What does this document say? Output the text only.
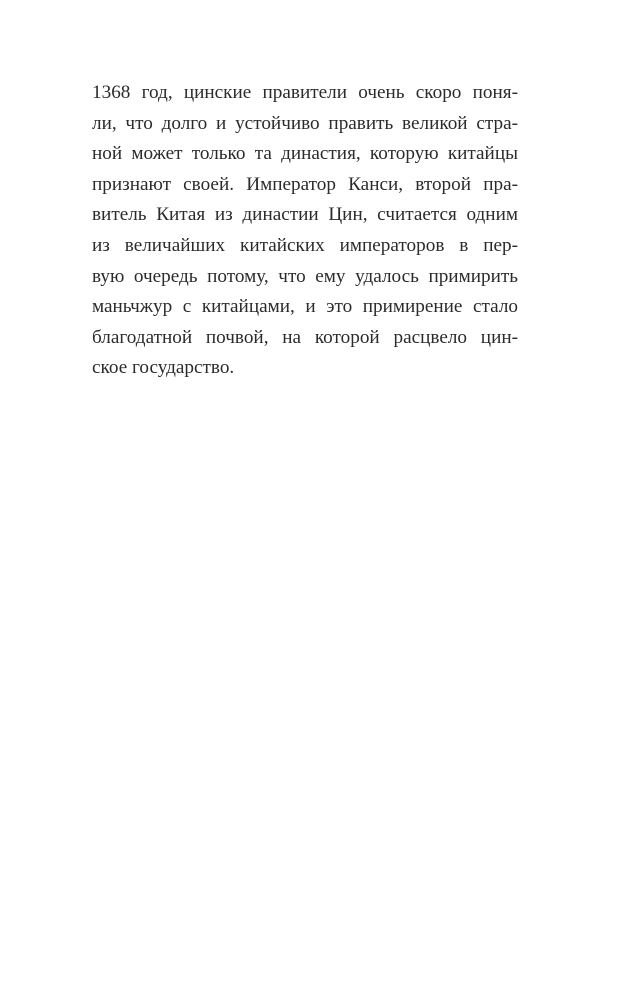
1368 год, цинские правители очень скоро поня-
ли, что долго и устойчиво править великой стра-
ной может только та династия, которую китайцы
признают своей. Император Канси, второй пра-
витель Китая из династии Цин, считается одним
из величайших китайских императоров в пер-
вую очередь потому, что ему удалось примирить
маньчжур с китайцами, и это примирение стало
благодатной почвой, на которой расцвело цин-
ское государство.
